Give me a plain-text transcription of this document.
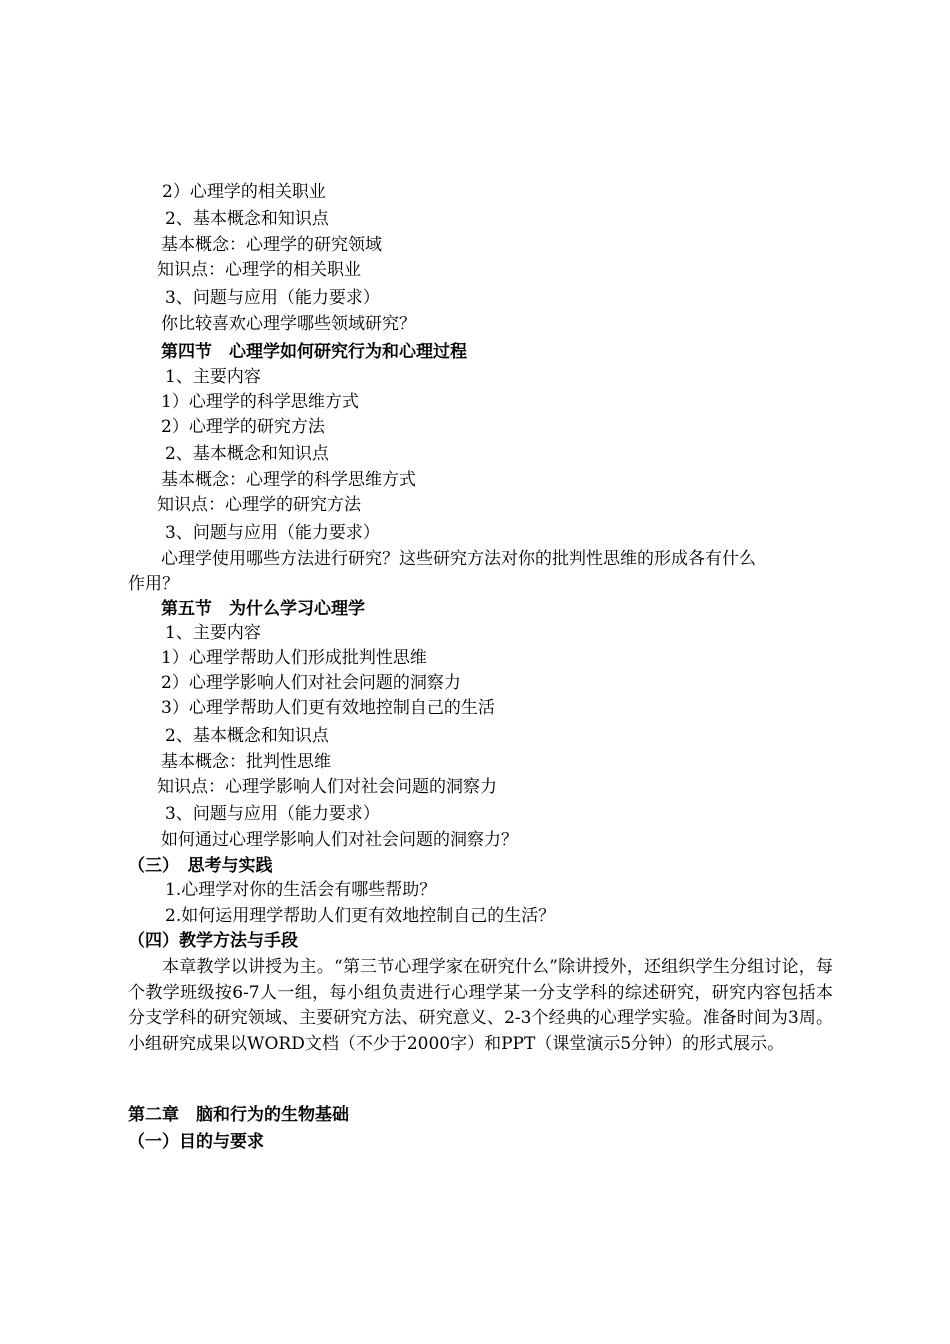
2）心理学的相关职业
2、基本概念和知识点
基本概念：心理学的研究领域
知识点：心理学的相关职业
3、问题与应用（能力要求）
你比较喜欢心理学哪些领域研究？
第四节　心理学如何研究行为和心理过程
1、主要内容
1）心理学的科学思维方式
2）心理学的研究方法
2、基本概念和知识点
基本概念：心理学的科学思维方式
知识点：心理学的研究方法
3、问题与应用（能力要求）
心理学使用哪些方法进行研究？这些研究方法对你的批判性思维的形成各有什么
作用？
第五节　为什么学习心理学
1、主要内容
1）心理学帮助人们形成批判性思维
2）心理学影响人们对社会问题的洞察力
3）心理学帮助人们更有效地控制自己的生活
2、基本概念和知识点
基本概念：批判性思维
知识点：心理学影响人们对社会问题的洞察力
3、问题与应用（能力要求）
如何通过心理学影响人们对社会问题的洞察力？
（三）　思考与实践
1.心理学对你的生活会有哪些帮助？
2.如何运用理学帮助人们更有效地控制自己的生活？
（四）教学方法与手段
本章教学以讲授为主。“第三节心理学家在研究什么”除讲授外，还组织学生分组讨论，每个教学班级按6-7人一组，每小组负责进行心理学某一分支学科的综述研究，研究内容包括本分支学科的研究领域、主要研究方法、研究意义、2-3个经典的心理学实验。准备时间为3周。小组研究成果以WORD文档（不少于2000字）和PPT（课堂演示5分钟）的形式展示。
第二章　脑和行为的生物基础
（一）目的与要求
